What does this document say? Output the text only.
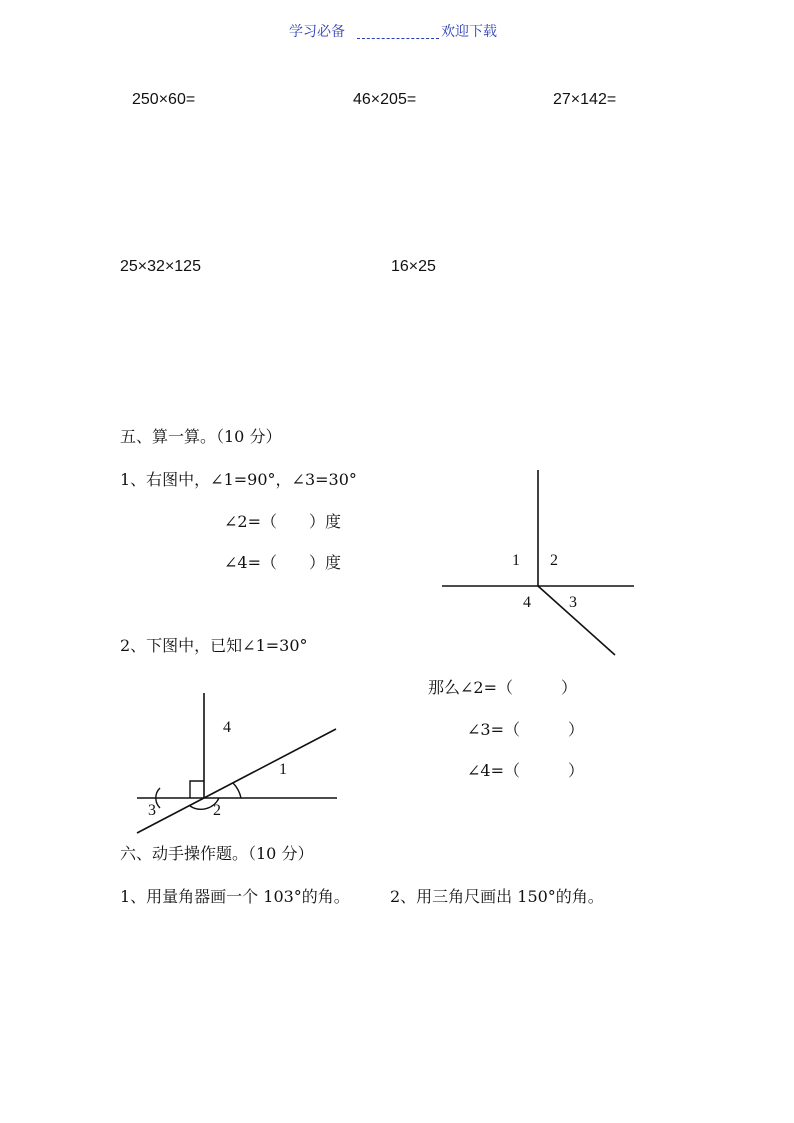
学习必备	欢迎下载
250×60=	46×205=	27×142=
25×32×125	16×25
五、算一算。（10 分）
1、右图中，∠1=90°，∠3=30°
∠2=（　　）度
∠4=（　　）度	1 2
4 3
2、下图中，已知∠1=30°
4
1
3	2
那么∠2=（　　　）
∠3=（　　　）
∠4=（　　　）
六、动手操作题。（10 分）
1、用量角器画一个 103°的角。	2、用三角尺画出 150°的角。
